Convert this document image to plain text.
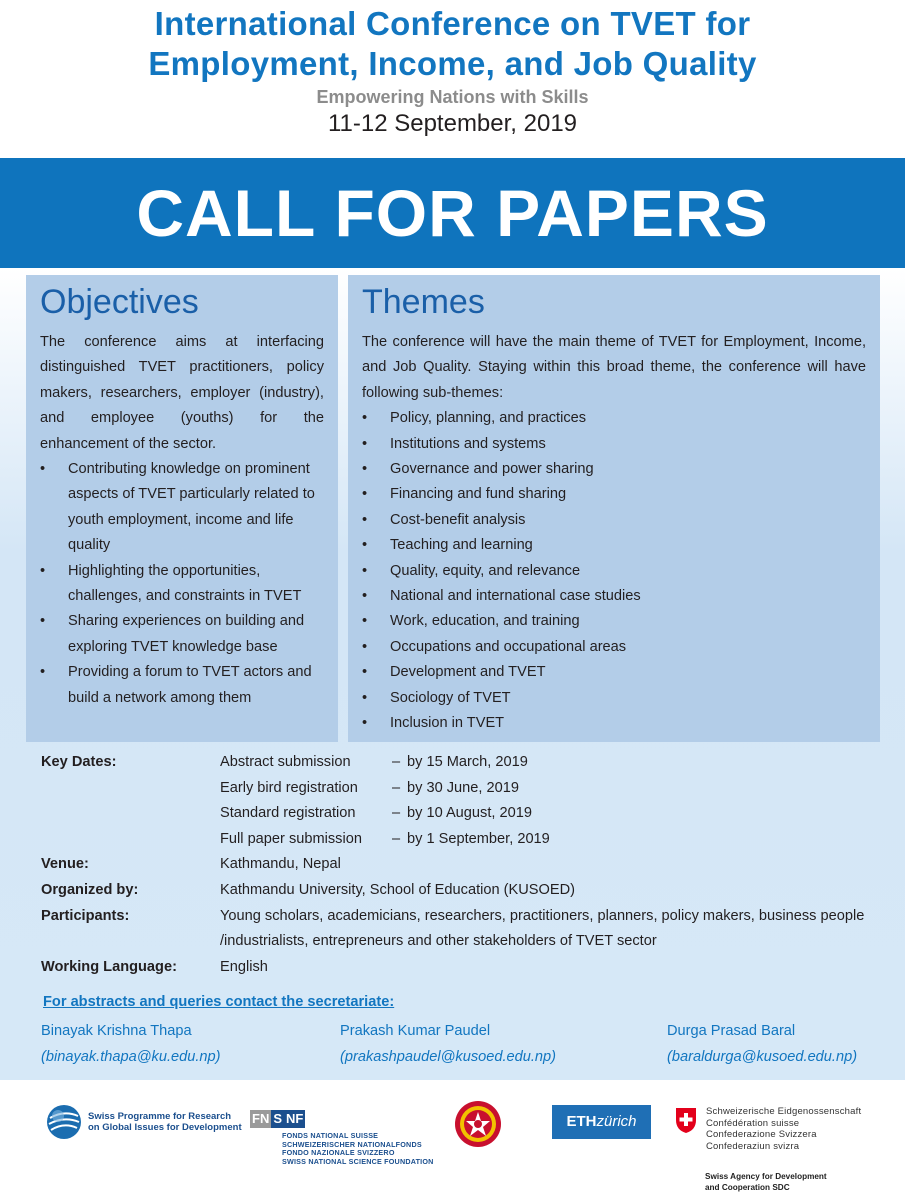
International Conference on TVET for
Employment, Income, and Job Quality
Empowering Nations with Skills
11-12 September, 2019
CALL FOR PAPERS
Objectives

The conference aims at interfacing distinguished TVET practitioners, policy makers, researchers, employer (industry), and employee (youths) for the enhancement of the sector.

• Contributing knowledge on prominent aspects of TVET particularly related to youth employment, income and life quality
• Highlighting the opportunities, challenges, and constraints in TVET
• Sharing experiences on building and exploring TVET knowledge base
• Providing a forum to TVET actors and build a network among them
Themes

The conference will have the main theme of TVET for Employment, Income, and Job Quality. Staying within this broad theme, the conference will have following sub-themes:

• Policy, planning, and practices
• Institutions and systems
• Governance and power sharing
• Financing and fund sharing
• Cost-benefit analysis
• Teaching and learning
• Quality, equity, and relevance
• National and international case studies
• Work, education, and training
• Occupations and occupational areas
• Development and TVET
• Sociology of TVET
• Inclusion in TVET
Key Dates:	Abstract submission	– by 15 March, 2019
Early bird registration	– by 30 June, 2019
Standard registration	– by 10 August, 2019
Full paper submission	– by 1 September, 2019
Venue:	Kathmandu, Nepal
Organized by:	Kathmandu University, School of Education (KUSOED)
Participants:	Young scholars, academicians, researchers, practitioners, planners, policy makers, business people /industrialists, entrepreneurs and other stakeholders of TVET sector
Working Language:	English
For abstracts and queries contact the secretariate:
Binayak Krishna Thapa
(binayak.thapa@ku.edu.np)
Prakash Kumar Paudel
(prakashpaudel@kusoed.edu.np)
Durga Prasad Baral
(baraldurga@kusoed.edu.np)
Swiss Programme for Research
on Global Issues for Development
FN S NF
FONDS NATIONAL SUISSE
SCHWEIZERISCHER NATIONALFONDS
FONDO NAZIONALE SVIZZERO
SWISS NATIONAL SCIENCE FOUNDATION
ETHzürich
Schweizerische Eidgenossenschaft
Confédération suisse
Confederazione Svizzera
Confederaziun svizra
Swiss Agency for Development
and Cooperation SDC
